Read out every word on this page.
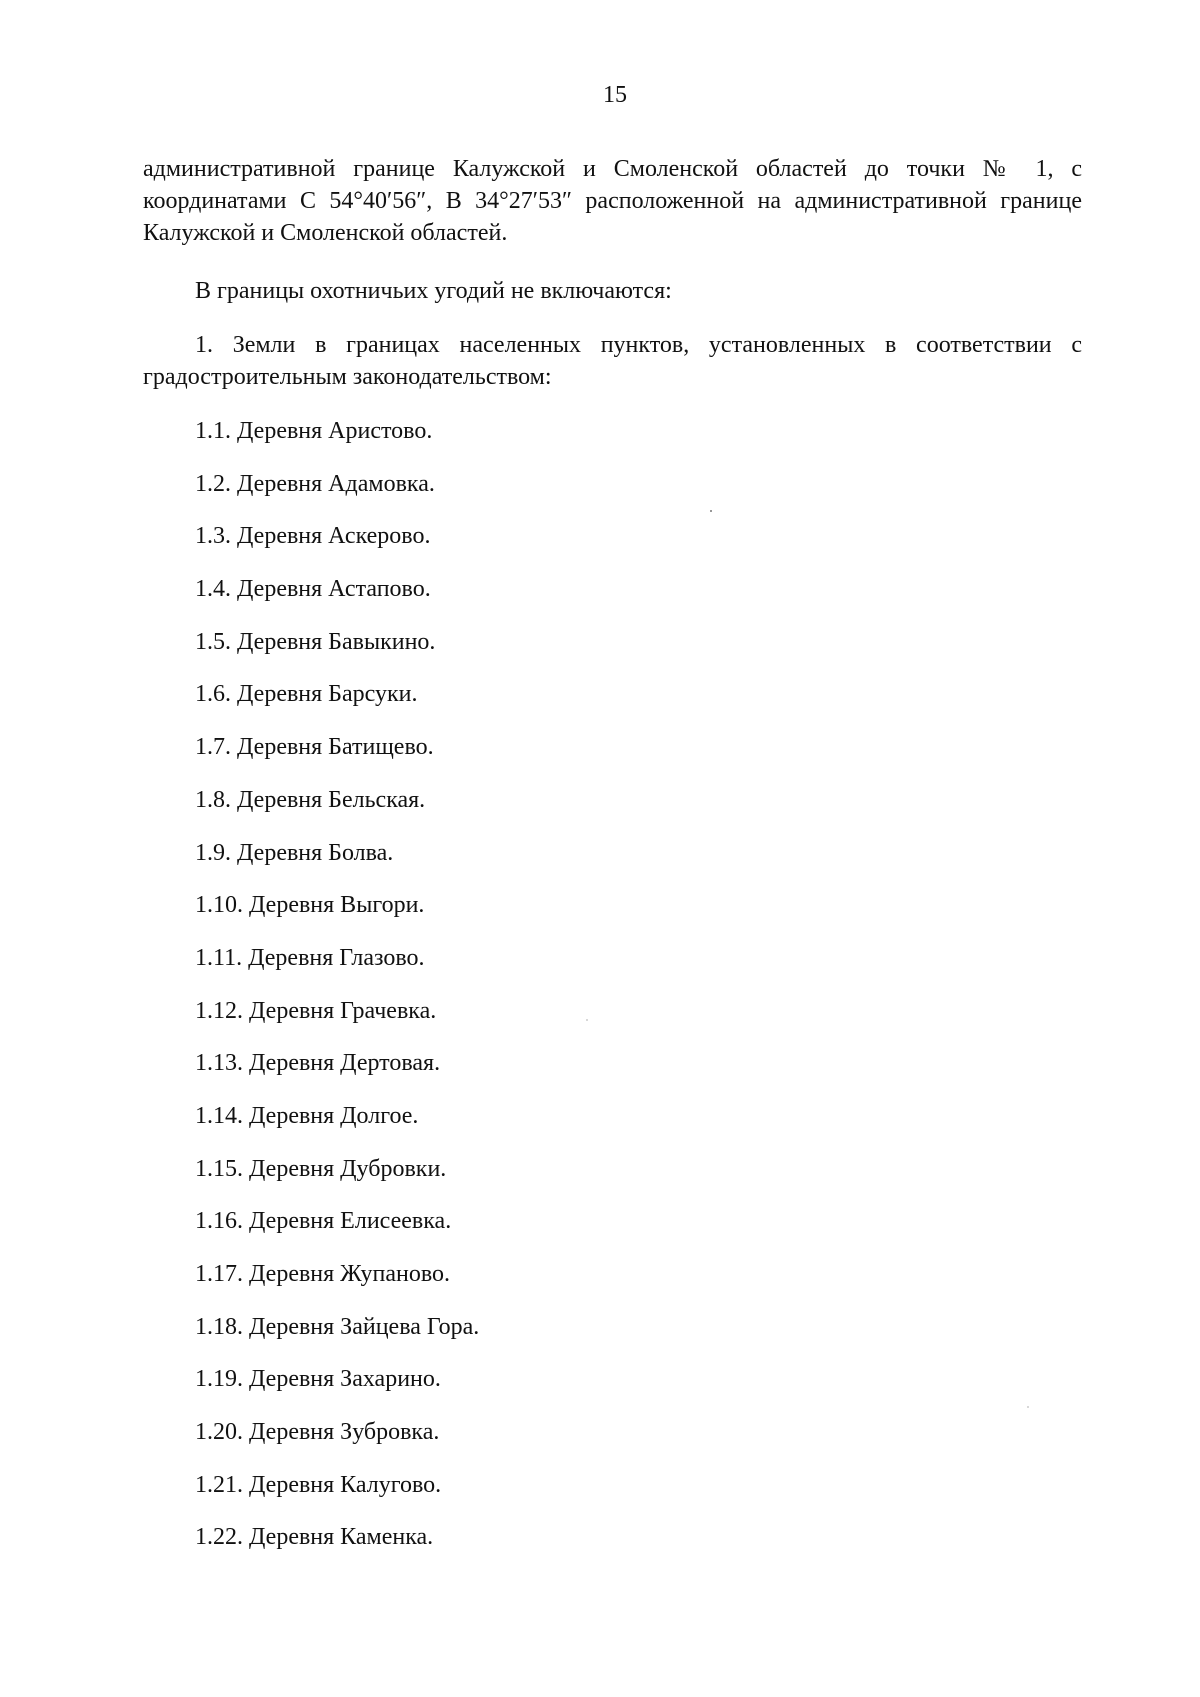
15

административной границе Калужской и Смоленской областей до точки № 1, с координатами С 54°40′56″, В 34°27′53″ расположенной на административной границе Калужской и Смоленской областей.

В границы охотничьих угодий не включаются:

1. Земли в границах населенных пунктов, установленных в соответствии с градостроительным законодательством:

1.1. Деревня Аристово.
1.2. Деревня Адамовка.
1.3. Деревня Аскерово.
1.4. Деревня Астапово.
1.5. Деревня Бавыкино.
1.6. Деревня Барсуки.
1.7. Деревня Батищево.
1.8. Деревня Бельская.
1.9. Деревня Болва.
1.10. Деревня Выгори.
1.11. Деревня Глазово.
1.12. Деревня Грачевка.
1.13. Деревня Дертовая.
1.14. Деревня Долгое.
1.15. Деревня Дубровки.
1.16. Деревня Елисеевка.
1.17. Деревня Жупаново.
1.18. Деревня Зайцева Гора.
1.19. Деревня Захарино.
1.20. Деревня Зубровка.
1.21. Деревня Калугово.
1.22. Деревня Каменка.
